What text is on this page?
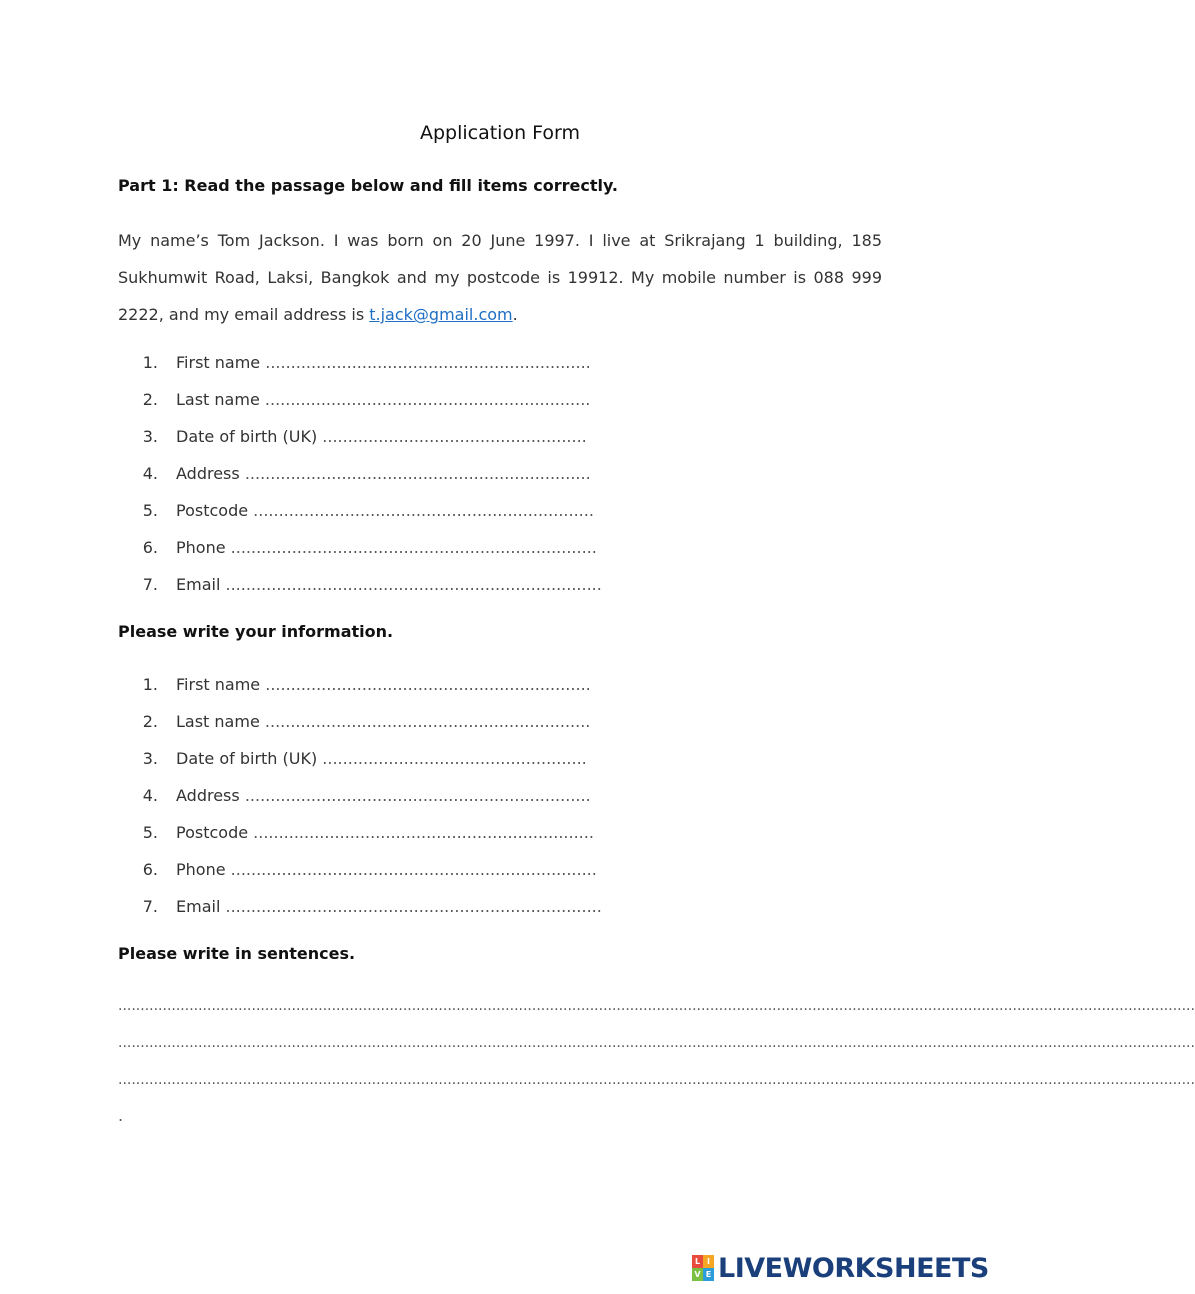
Application Form
Part 1: Read the passage below and fill items correctly.
My name’s Tom Jackson. I was born on 20 June 1997. I live at Srikrajang 1 building, 185 Sukhumwit Road, Laksi, Bangkok and my postcode is 19912. My mobile number is 088 999 2222, and my email address is t.jack@gmail.com.
1. First name ................................................................
2. Last name ................................................................
3. Date of birth (UK) ....................................................
4. Address ....................................................................
5. Postcode ...................................................................
6. Phone ........................................................................
7. Email ..........................................................................
Please write your information.
1. First name ................................................................
2. Last name ................................................................
3. Date of birth (UK) ....................................................
4. Address ....................................................................
5. Postcode ...................................................................
6. Phone ........................................................................
7. Email ..........................................................................
Please write in sentences.
..................................................................................................................................................................................................................................................
..................................................................................................................................................................................................................................................
..................................................................................................................................................................................................................................................
.
L I
V E LIVEWORKSHEETS
